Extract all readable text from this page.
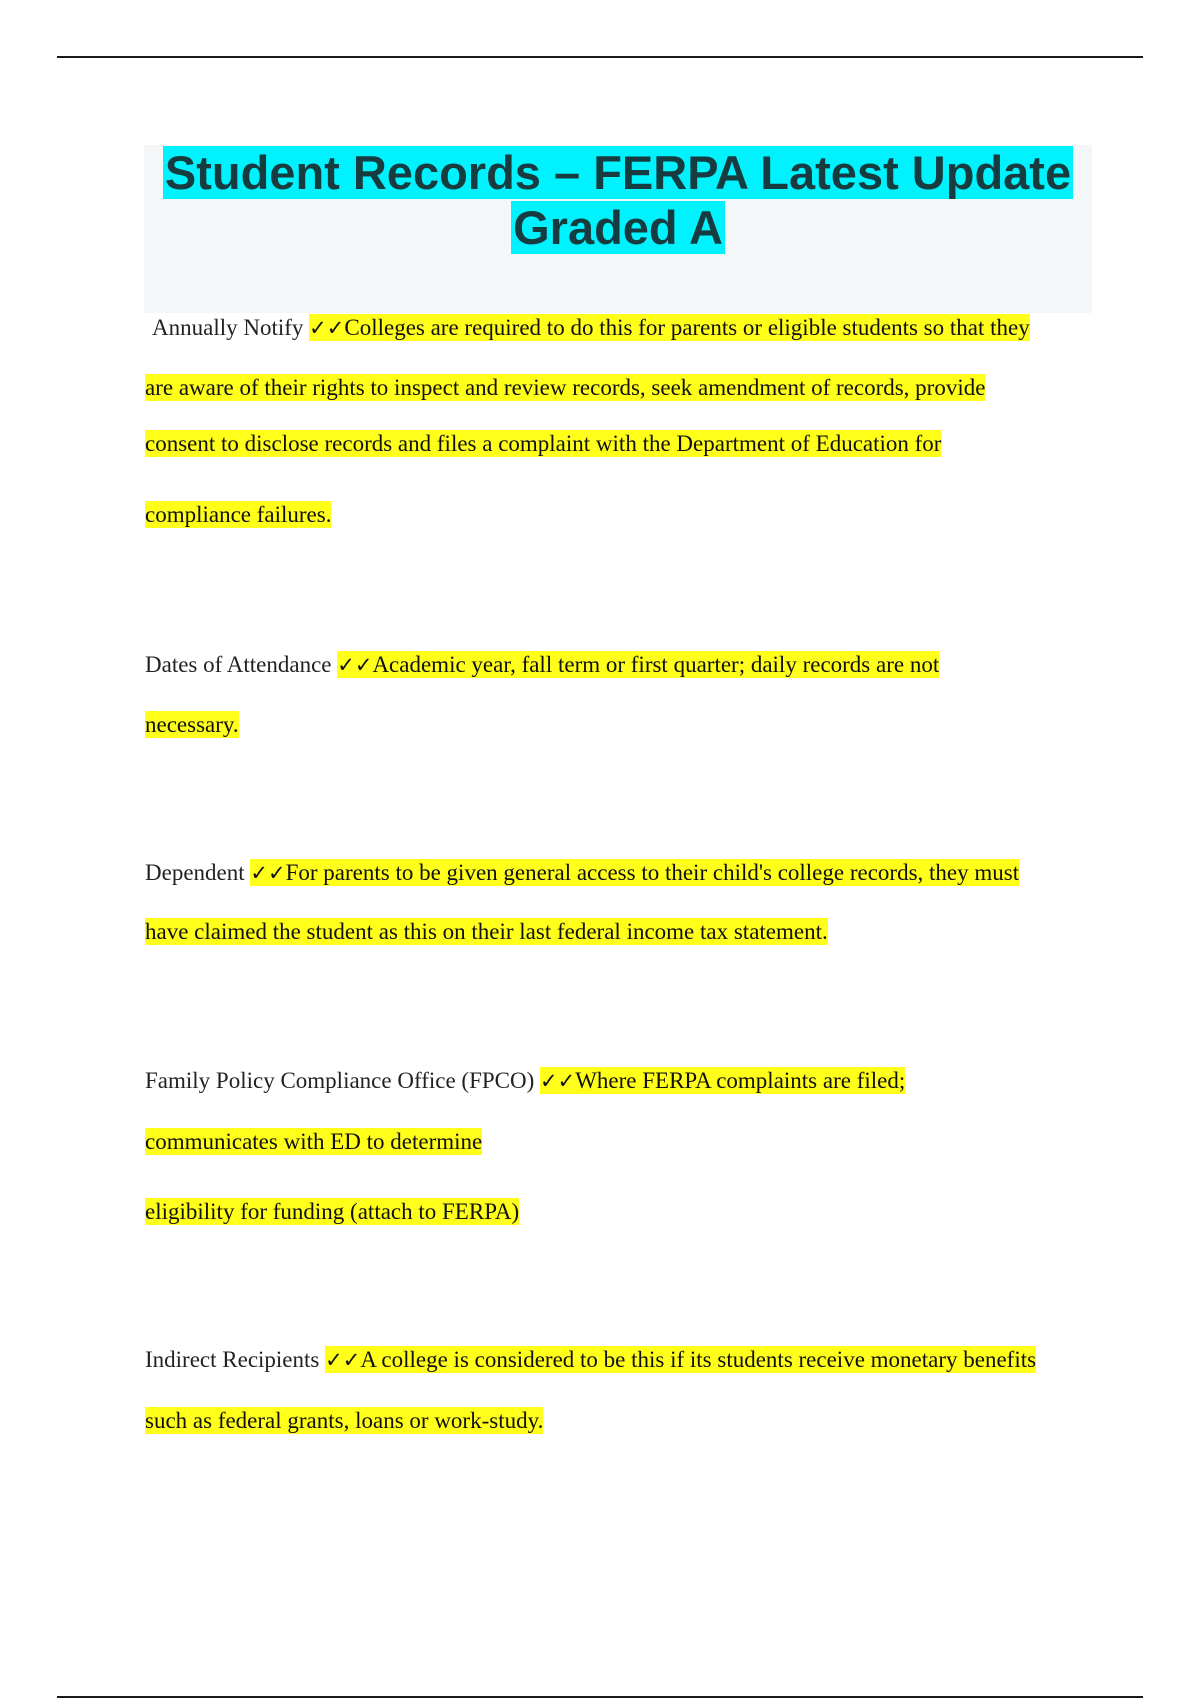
Student Records – FERPA Latest Update
Graded A
Annually Notify ✓✓Colleges are required to do this for parents or eligible students so that they
are aware of their rights to inspect and review records, seek amendment of records, provide
consent to disclose records and files a complaint with the Department of Education for
compliance failures.
Dates of Attendance ✓✓Academic year, fall term or first quarter; daily records are not
necessary.
Dependent ✓✓For parents to be given general access to their child's college records, they must
have claimed the student as this on their last federal income tax statement.
Family Policy Compliance Office (FPCO) ✓✓Where FERPA complaints are filed;
communicates with ED to determine
eligibility for funding (attach to FERPA)
Indirect Recipients ✓✓A college is considered to be this if its students receive monetary benefits
such as federal grants, loans or work-study.
